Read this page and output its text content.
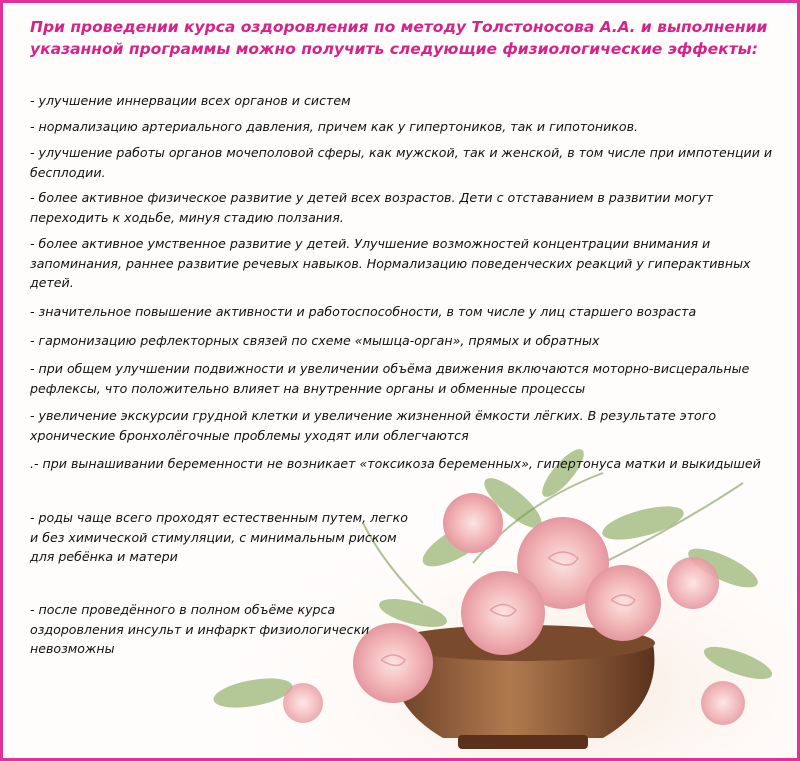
При проведении курса оздоровления по методу Толстоносова А.А. и выполнении указанной программы можно получить следующие физиологические эффекты:
- улучшение иннервации всех органов и систем
- нормализацию артериального давления, причем как у гипертоников, так и гипотоников.
- улучшение работы органов мочеполовой сферы, как мужской, так и женской, в том числе при импотенции и бесплодии.
- более активное физическое развитие у детей всех возрастов. Дети с отставанием в развитии могут переходить к ходьбе, минуя стадию ползания.
- более активное умственное развитие у детей. Улучшение возможностей концентрации внимания и запоминания, раннее развитие речевых навыков. Нормализацию поведенческих реакций у гиперактивных детей.
- значительное повышение активности и работоспособности, в том числе у лиц старшего возраста
- гармонизацию рефлекторных связей по схеме «мышца-орган», прямых и обратных
- при общем улучшении подвижности и увеличении объёма движения включаются моторно-висцеральные рефлексы, что положительно влияет на внутренние органы и обменные процессы
- увеличение экскурсии грудной клетки и увеличение жизненной ёмкости лёгких. В результате этого хронические бронхолёгочные проблемы уходят или облегчаются
.- при вынашивании беременности не возникает «токсикоза беременных», гипертонуса матки и выкидышей
- роды чаще всего проходят естественным путем, легко и без химической стимуляции, с минимальным риском для ребёнка и матери
- после проведённого в полном объёме курса оздоровления инсульт и инфаркт физиологически невозможны
